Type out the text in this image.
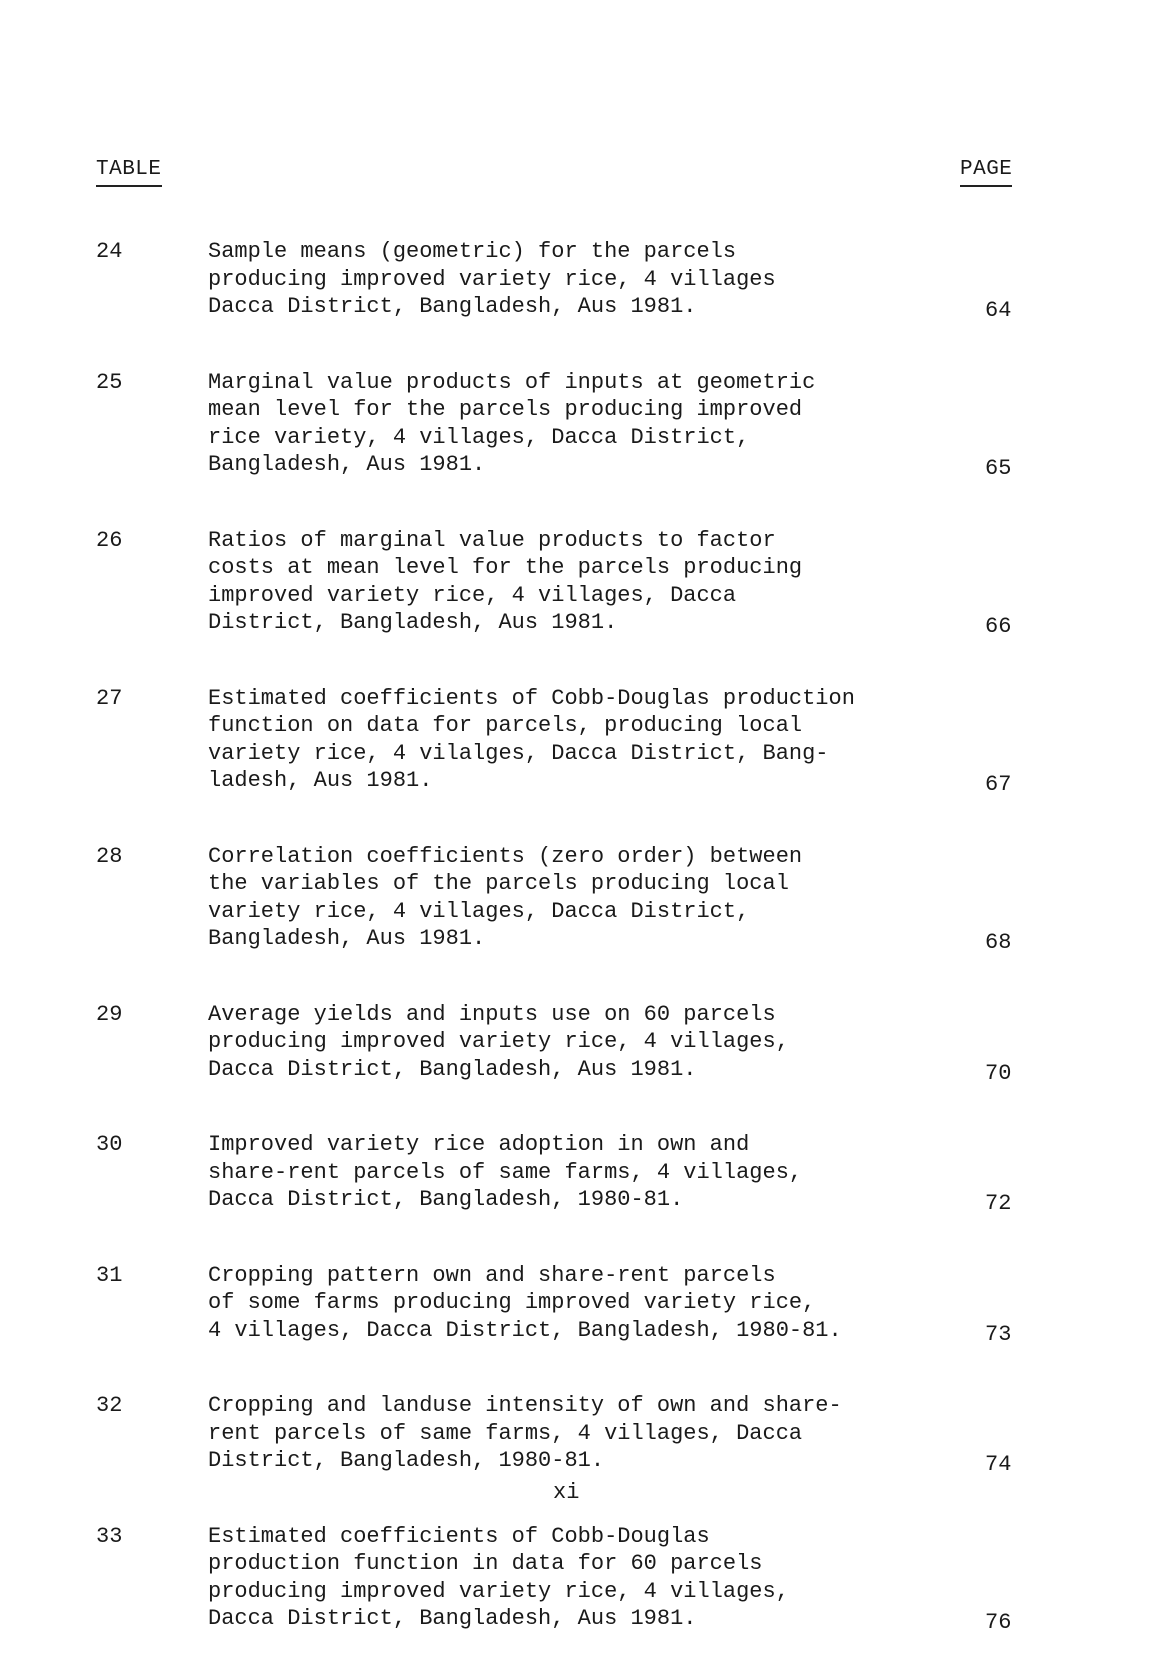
TABLE	PAGE
24	Sample means (geometric) for the parcels
producing improved variety rice, 4 villages
Dacca District, Bangladesh, Aus 1981.	64
25	Marginal value products of inputs at geometric
mean level for the parcels producing improved
rice variety, 4 villages, Dacca District,
Bangladesh, Aus 1981.	65
26	Ratios of marginal value products to factor
costs at mean level for the parcels producing
improved variety rice, 4 villages, Dacca
District, Bangladesh, Aus 1981.	66
27	Estimated coefficients of Cobb-Douglas production
function on data for parcels, producing local
variety rice, 4 vilalges, Dacca District, Bang-
ladesh, Aus 1981.	67
28	Correlation coefficients (zero order) between
the variables of the parcels producing local
variety rice, 4 villages, Dacca District,
Bangladesh, Aus 1981.	68
29	Average yields and inputs use on 60 parcels
producing improved variety rice, 4 villages,
Dacca District, Bangladesh, Aus 1981.	70
30	Improved variety rice adoption in own and
share-rent parcels of same farms, 4 villages,
Dacca District, Bangladesh, 1980-81.	72
31	Cropping pattern own and share-rent parcels
of some farms producing improved variety rice,
4 villages, Dacca District, Bangladesh, 1980-81.	73
32	Cropping and landuse intensity of own and share-
rent parcels of same farms, 4 villages, Dacca
District, Bangladesh, 1980-81.	74
33	Estimated coefficients of Cobb-Douglas
production function in data for 60 parcels
producing improved variety rice, 4 villages,
Dacca District, Bangladesh, Aus 1981.	76
xi
